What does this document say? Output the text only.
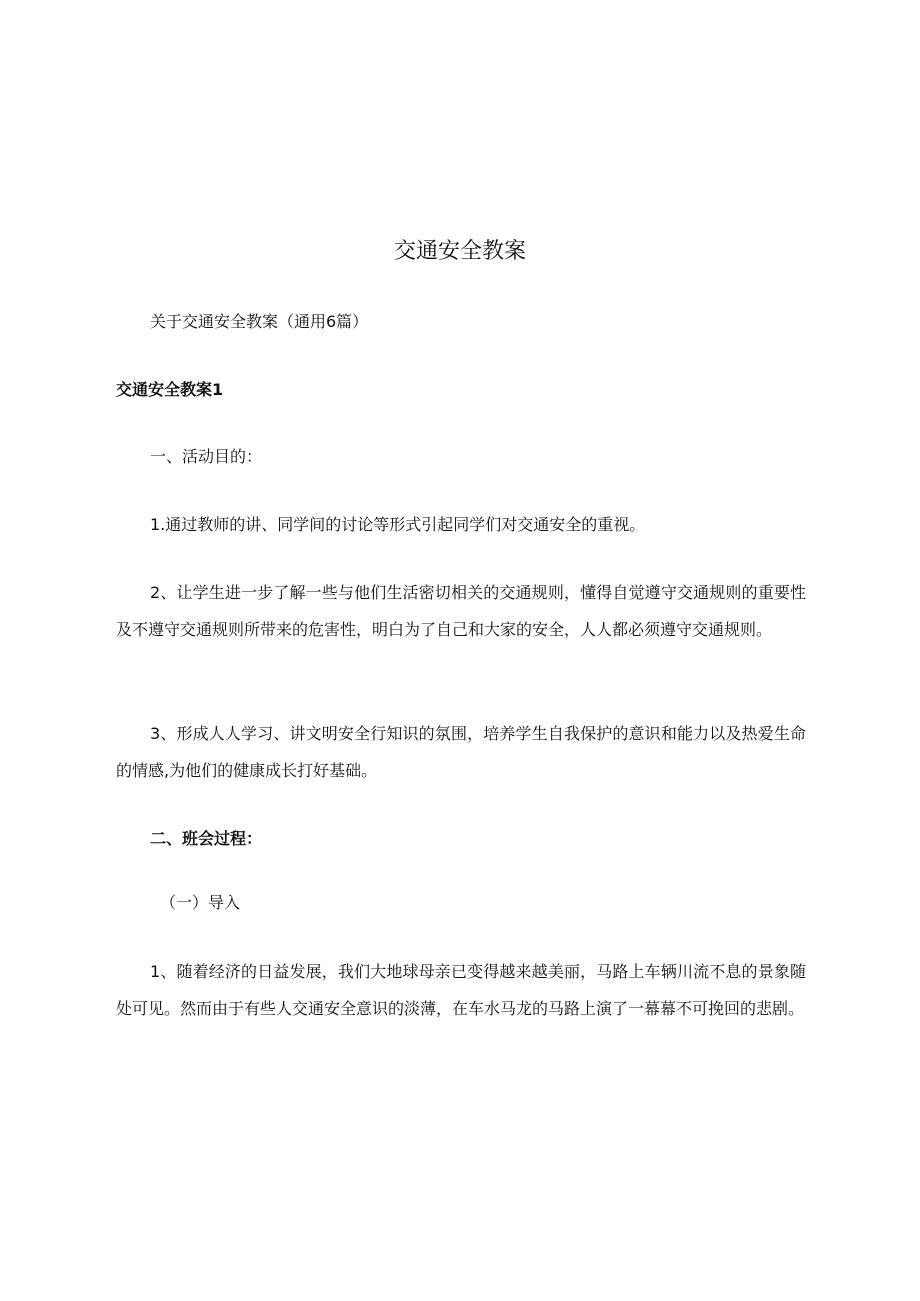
交通安全教案

关于交通安全教案（通用6篇）

交通安全教案1

一、活动目的：

1.通过教师的讲、同学间的讨论等形式引起同学们对交通安全的重视。

2、让学生进一步了解一些与他们生活密切相关的交通规则，懂得自觉遵守交通规则的重要性及不遵守交通规则所带来的危害性，明白为了自己和大家的安全，人人都必须遵守交通规则。

3、形成人人学习、讲文明安全行知识的氛围，培养学生自我保护的意识和能力以及热爱生命的情感,为他们的健康成长打好基础。

二、班会过程：

（一）导入

1、随着经济的日益发展，我们大地球母亲已变得越来越美丽，马路上车辆川流不息的景象随处可见。然而由于有些人交通安全意识的淡薄，在车水马龙的马路上演了一幕幕不可挽回的悲剧。
